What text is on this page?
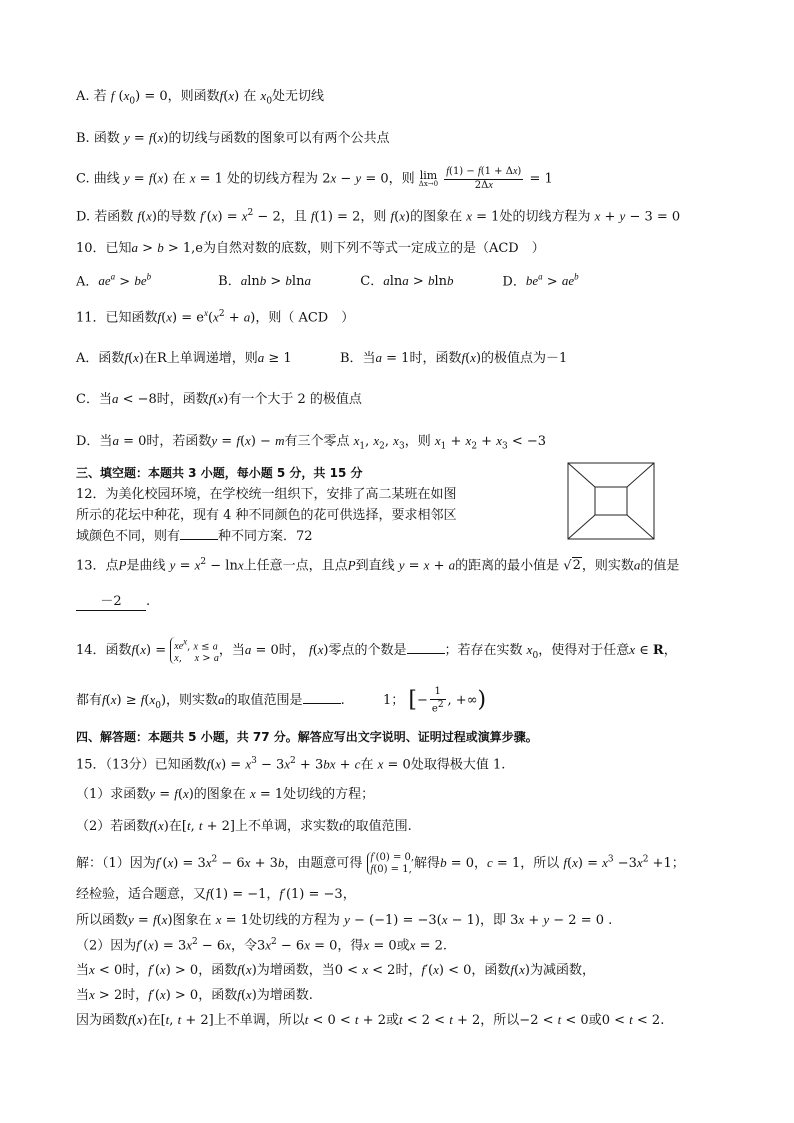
A. 若 f $(x_0) = 0$，则函数f(x) 在 $x_0$处无切线
B. 函数 y = f(x)的切线与函数的图象可以有两个公共点
C. 曲线 y = f(x) 在 x = 1 处的切线方程为 2x − y = 0，则 lim
Δx→0
$\frac{f(1) - f(1 + \Delta x)}{2\Delta x} = 1$
D. 若函数 f(x)的导数 $f'(x) = x^2 - 2$，且 f(1) = 2，则 f(x)的图象在 x = 1处的切线方程为 x + y − 3 = 0
10．已知a > b > 1,e为自然对数的底数，则下列不等式一定成立的是（ACD　）
A．$ae^a > be^b$	B．alnb > blna	C．alna > blnb	D．$be^a > ae^b$
11．已知函数$f(x) = e^x(x^2 + a)$，则（ ACD　）
A．函数f(x)在R上单调递增，则a ≥ 1	B．当a = 1时，函数f(x)的极值点为－1
C．当a < −8时，函数f(x)有一个大于 2 的极值点
D．当a = 0时，若函数y = f(x) − m有三个零点 $x_1$, $x_2$, $x_3$，则 $x_1 + x_2 + x_3 < -3$
三、填空题：本题共 3 小题，每小题 5 分，共 15 分
12．为美化校园环境，在学校统一组织下，安排了高二某班在如图
所示的花坛中种花，现有 4 种不同颜色的花可供选择，要求相邻区
域颜色不同，则有	种不同方案．72
13．点P是曲线 $y = x^2 - \ln x$上任意一点，且点P到直线 y = x + a的距离的最小值是 √2，则实数a的值是
－2 .
14．函数$f(x) = xe^x$, x ≤ a
x,    x > a，当a = 0时， f(x)零点的个数是	；若存在实数 $x_0$，使得对于任意x ∈ R，
都有$f(x) \ge f(x_0)$，则实数a的取值范围是	.	1； [− $\frac{1}{e^2}$ , +∞)
四、解答题：本题共 5 小题，共 77 分。解答应写出文字说明、证明过程或演算步骤。
15．（13分）已知函数$f(x) = x^3 - 3x^2 + 3bx + c$在 x = 0处取得极大值 1.
（1）求函数y = f(x)的图象在 x = 1处切线的方程；
（2）若函数f(x)在[t, t + 2]上不单调，求实数t的取值范围.
解：（1）因为$f'(x) = 3x^2 - 6x + 3b$，由题意可得 f′(0) = 0,
f(0) = 1, 解得b = 0，c = 1，所以 $f(x) = x^3 -3x^2 +1$；
经检验，适合题意，又f(1) = −1，f′(1) = −3，
所以函数y = f(x)图象在 x = 1处切线的方程为 y − (−1) = −3(x − 1)，即 3x + y − 2 = 0 .
（2）因为$f'(x) = 3x^2 - 6x$，令$3x^2 - 6x = 0$，得x = 0或x = 2.
当x < 0时，f′(x) > 0，函数f(x)为增函数，当0 < x < 2时，f′(x) < 0，函数f(x)为减函数，
当x > 2时，f′(x) > 0，函数f(x)为增函数.
因为函数f(x)在[t, t + 2]上不单调，所以t < 0 < t + 2或t < 2 < t + 2，所以−2 < t < 0或0 < t < 2.
